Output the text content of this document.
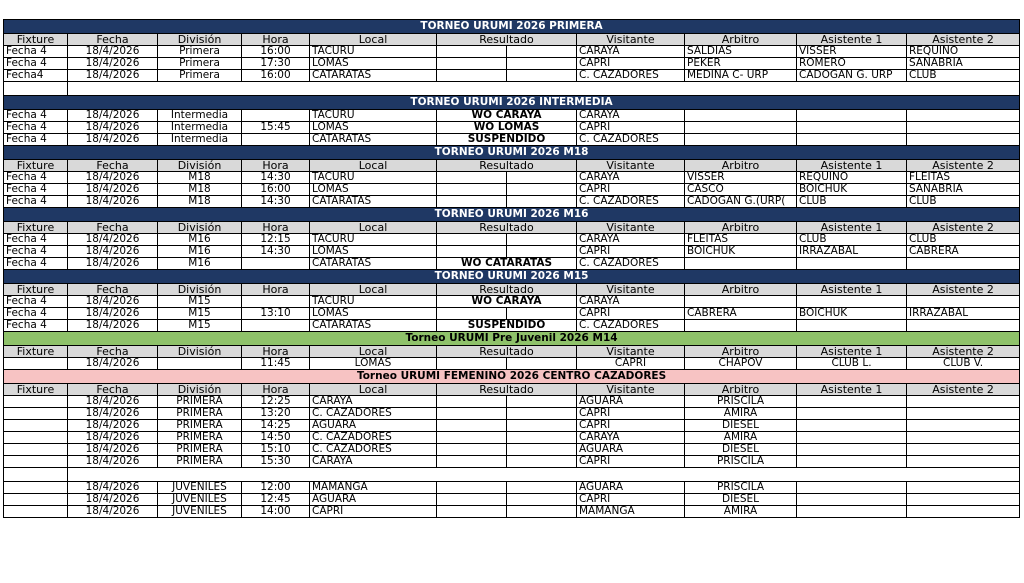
TORNEO URUMI 2026 PRIMERA										
Fixture	Fecha	División	Hora	Local	Resultado		Visitante	Arbitro	Asistente 1	Asistente 2
Fecha 4	18/4/2026	Primera	16:00	TACURU			CARAYA	SALDIAS	VISSER	REQUINO
Fecha 4	18/4/2026	Primera	17:30	LOMAS			CAPRI	PEKER	ROMERO	SANABRIA
Fecha4	18/4/2026	Primera	16:00	CATARATAS			C. CAZADORES	MEDINA C- URP	CADOGAN G. URP	CLUB

TORNEO URUMI 2026 INTERMEDIA										
Fecha 4	18/4/2026	Intermedia		TACURU	WO CARAYA		CARAYA			
Fecha 4	18/4/2026	Intermedia	15:45	LOMAS	WO LOMAS		CAPRI			
Fecha 4	18/4/2026	Intermedia		CATARATAS	SUSPENDIDO		C. CAZADORES			
TORNEO URUMI 2026 M18										
Fixture	Fecha	División	Hora	Local	Resultado		Visitante	Arbitro	Asistente 1	Asistente 2
Fecha 4	18/4/2026	M18	14:30	TACURU			CARAYA	VISSER	REQUINO	FLEITAS
Fecha 4	18/4/2026	M18	16:00	LOMAS			CAPRI	CASCO	BOICHUK	SANABRIA
Fecha 4	18/4/2026	M18	14:30	CATARATAS			C. CAZADORES	CADOGAN G.(URP(	CLUB	CLUB
TORNEO URUMI 2026 M16										
Fixture	Fecha	División	Hora	Local	Resultado		Visitante	Arbitro	Asistente 1	Asistente 2
Fecha 4	18/4/2026	M16	12:15	TACURU			CARAYA	FLEITAS	CLUB	CLUB
Fecha 4	18/4/2026	M16	14:30	LOMAS			CAPRI	BOICHUK	IRRAZABAL	CABRERA
Fecha 4	18/4/2026	M16		CATARATAS	WO CATARATAS		C. CAZADORES			
TORNEO URUMI 2026 M15										
Fixture	Fecha	División	Hora	Local	Resultado		Visitante	Arbitro	Asistente 1	Asistente 2
Fecha 4	18/4/2026	M15		TACURU	WO CARAYA		CARAYA			
Fecha 4	18/4/2026	M15	13:10	LOMAS			CAPRI	CABRERA	BOICHUK	IRRAZABAL
Fecha 4	18/4/2026	M15		CATARATAS	SUSPENDIDO		C. CAZADORES			
Torneo URUMI Pre Juvenil 2026 M14										
Fixture	Fecha	División	Hora	Local	Resultado		Visitante	Arbitro	Asistente 1	Asistente 2
	18/4/2026		11:45	LOMAS			CAPRI	CHAPOV	CLUB L.	CLUB V.
Torneo URUMI FEMENINO 2026 CENTRO CAZADORES										
Fixture	Fecha	División	Hora	Local	Resultado		Visitante	Arbitro	Asistente 1	Asistente 2
	18/4/2026	PRIMERA	12:25	CARAYA			AGUARA	PRISCILA		
	18/4/2026	PRIMERA	13:20	C. CAZADORES			CAPRI	AMIRA		
	18/4/2026	PRIMERA	14:25	AGUARA			CAPRI	DIESEL		
	18/4/2026	PRIMERA	14:50	C. CAZADORES			CARAYA	AMIRA		
	18/4/2026	PRIMERA	15:10	C. CAZADORES			AGUARA	DIESEL		
	18/4/2026	PRIMERA	15:30	CARAYA			CAPRI	PRISCILA		

	18/4/2026	JUVENILES	12:00	MAMANGA			AGUARA	PRISCILA		
	18/4/2026	JUVENILES	12:45	AGUARA			CAPRI	DIESEL		
	18/4/2026	JUVENILES	14:00	CAPRI			MAMANGA	AMIRA		
